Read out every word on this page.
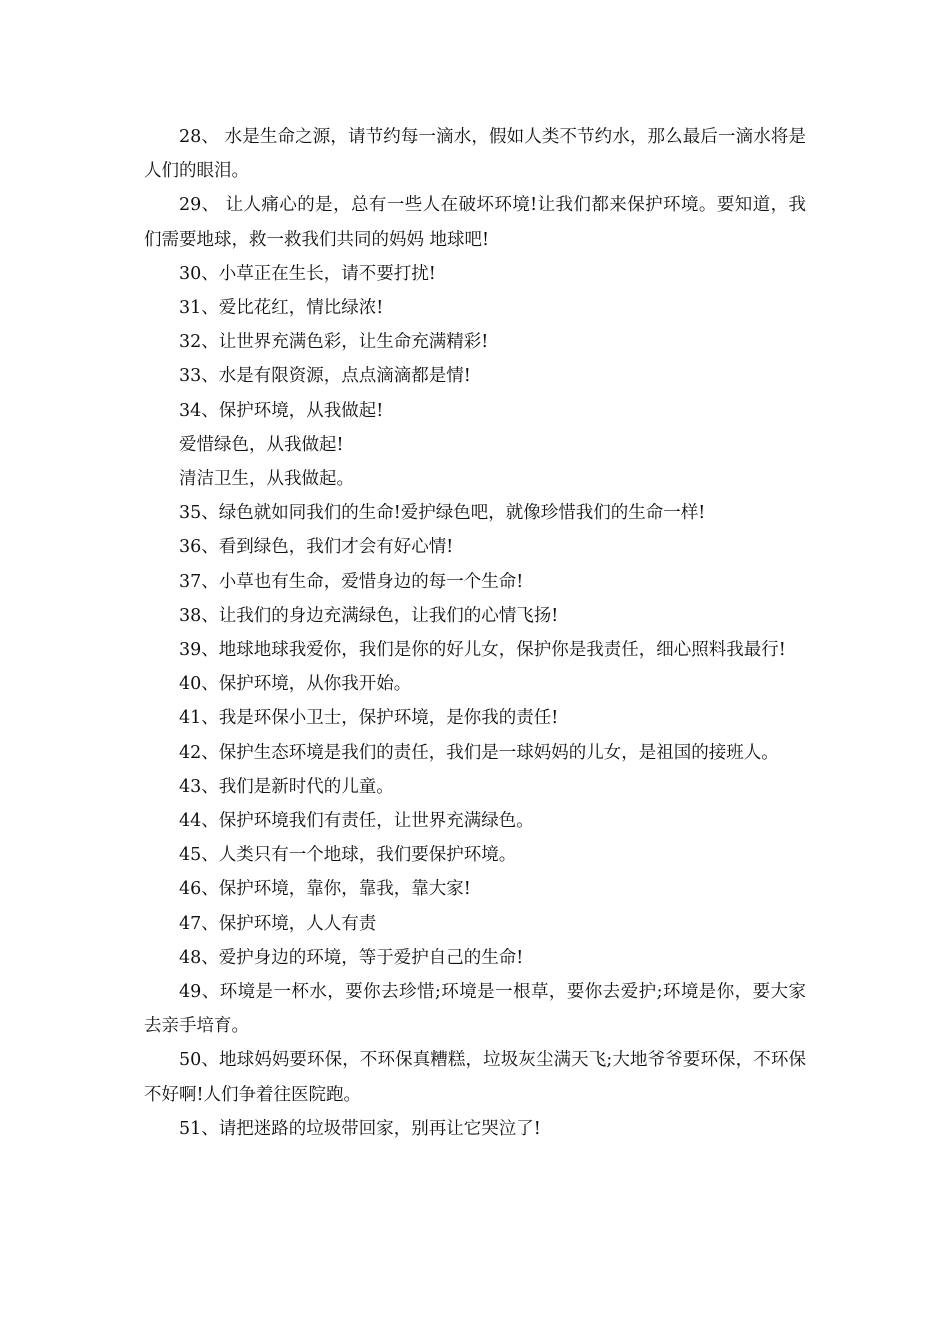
28、 水是生命之源，请节约每一滴水，假如人类不节约水，那么最后一滴水将是人们的眼泪。

29、 让人痛心的是，总有一些人在破坏环境!让我们都来保护环境。要知道，我们需要地球，救一救我们共同的妈妈 地球吧!

30、小草正在生长，请不要打扰!

31、爱比花红，情比绿浓!

32、让世界充满色彩，让生命充满精彩!

33、水是有限资源，点点滴滴都是情!

34、保护环境，从我做起!

爱惜绿色，从我做起!

清洁卫生，从我做起。

35、绿色就如同我们的生命!爱护绿色吧，就像珍惜我们的生命一样!

36、看到绿色，我们才会有好心情!

37、小草也有生命，爱惜身边的每一个生命!

38、让我们的身边充满绿色，让我们的心情飞扬!

39、地球地球我爱你，我们是你的好儿女，保护你是我责任，细心照料我最行!

40、保护环境，从你我开始。

41、我是环保小卫士，保护环境，是你我的责任!

42、保护生态环境是我们的责任，我们是一球妈妈的儿女，是祖国的接班人。

43、我们是新时代的儿童。

44、保护环境我们有责任，让世界充满绿色。

45、人类只有一个地球，我们要保护环境。

46、保护环境，靠你，靠我，靠大家!

47、保护环境，人人有责

48、爱护身边的环境，等于爱护自己的生命!

49、环境是一杯水，要你去珍惜;环境是一根草，要你去爱护;环境是你，要大家去亲手培育。

50、地球妈妈要环保，不环保真糟糕，垃圾灰尘满天飞;大地爷爷要环保，不环保不好啊!人们争着往医院跑。

51、请把迷路的垃圾带回家，别再让它哭泣了!
